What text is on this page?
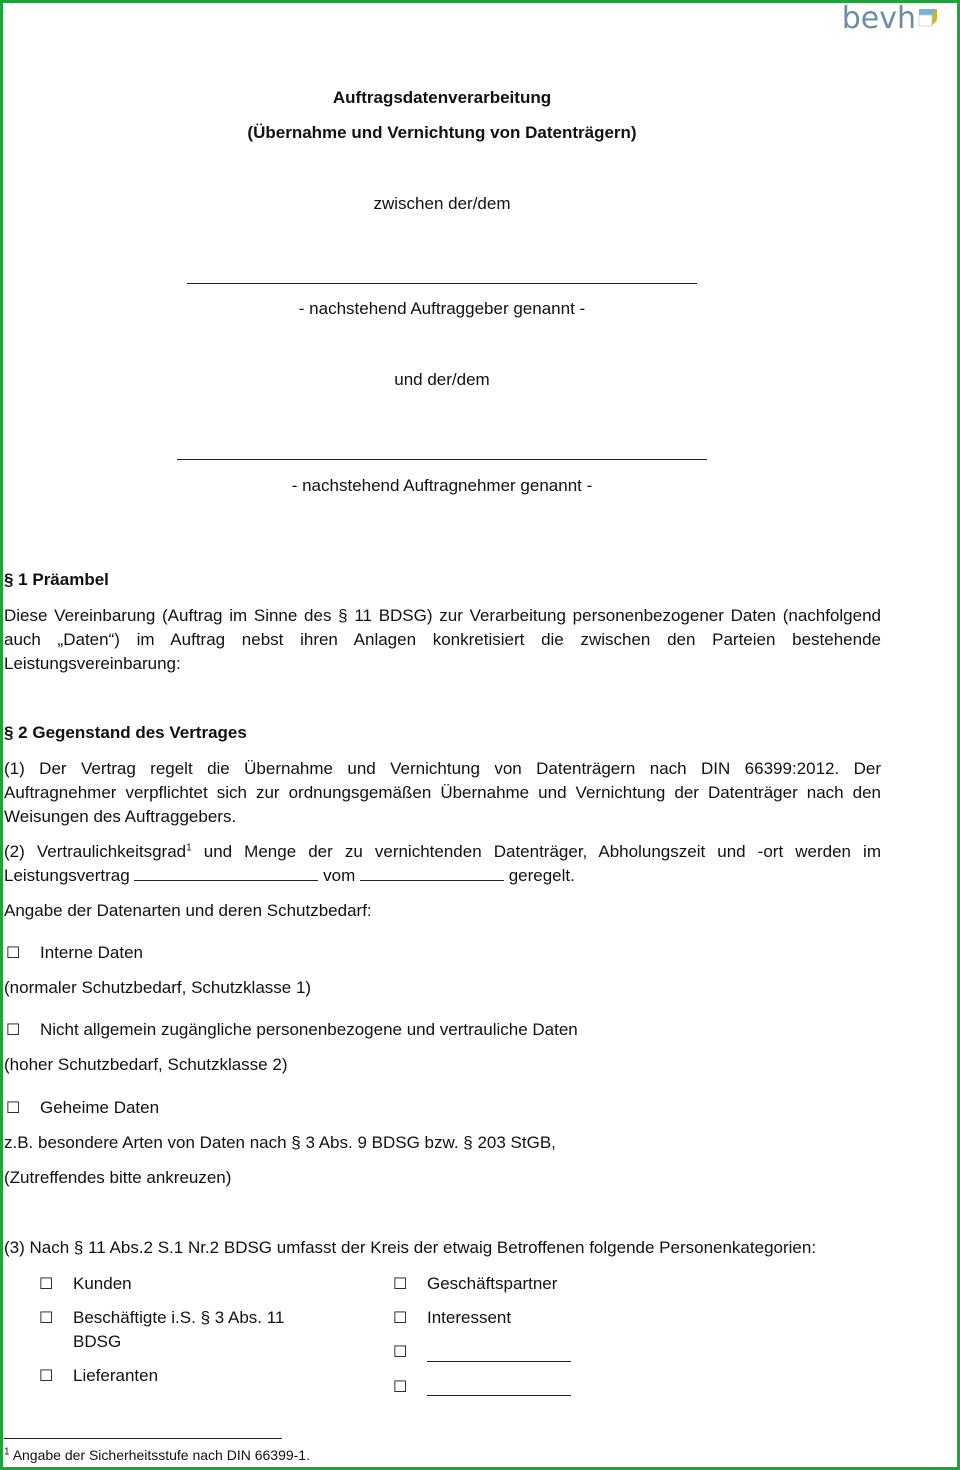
bevh
Auftragsdatenverarbeitung
(Übernahme und Vernichtung von Datenträgern)
zwischen der/dem
- nachstehend Auftraggeber genannt -
und der/dem
- nachstehend Auftragnehmer genannt -
§ 1 Präambel
Diese Vereinbarung (Auftrag im Sinne des § 11 BDSG) zur Verarbeitung personenbezogener Daten (nachfolgend
auch „Daten“) im Auftrag nebst ihren Anlagen konkretisiert die zwischen den Parteien bestehende
Leistungsvereinbarung:
§ 2 Gegenstand des Vertrages
(1) Der Vertrag regelt die Übernahme und Vernichtung von Datenträgern nach DIN 66399:2012. Der
Auftragnehmer verpflichtet sich zur ordnungsgemäßen Übernahme und Vernichtung der Datenträger nach den
Weisungen des Auftraggebers.
(2) Vertraulichkeitsgrad$^1$ und Menge der zu vernichtenden Datenträger, Abholungszeit und -ort werden im
Leistungsvertrag	vom	geregelt.
Angabe der Datenarten und deren Schutzbedarf:
☐ Interne Daten
(normaler Schutzbedarf, Schutzklasse 1)
☐ Nicht allgemein zugängliche personenbezogene und vertrauliche Daten
(hoher Schutzbedarf, Schutzklasse 2)
☐ Geheime Daten
z.B. besondere Arten von Daten nach § 3 Abs. 9 BDSG bzw. § 203 StGB,
(Zutreffendes bitte ankreuzen)
(3) Nach § 11 Abs.2 S.1 Nr.2 BDSG umfasst der Kreis der etwaig Betroffenen folgende Personenkategorien:
☐ Kunden
☐ Beschäftigte i.S. § 3 Abs. 11
BDSG
☐ Lieferanten
☐ Geschäftspartner
☐ Interessent
☐
☐
$^1$ Angabe der Sicherheitsstufe nach DIN 66399-1.
